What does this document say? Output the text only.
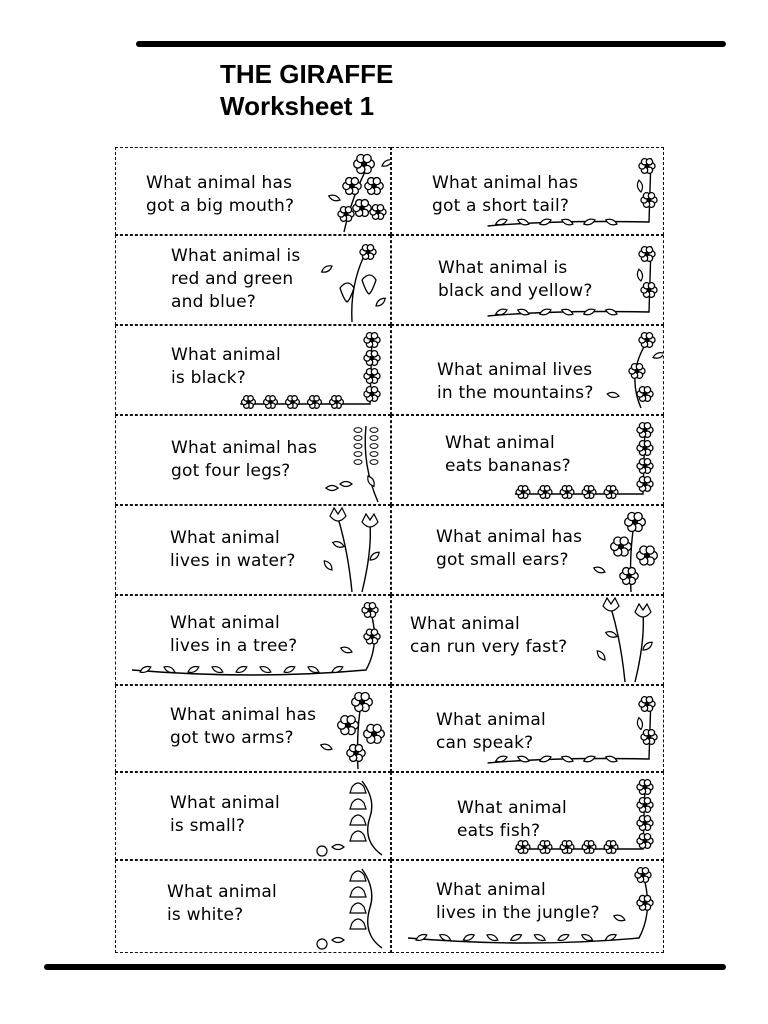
THE GIRAFFE
Worksheet 1
What animal has
got a big mouth?
What animal has
got a short tail?
What animal is
red and green
and blue?
What animal is
black and yellow?
What animal
is black?	What animal lives
in the mountains?
What animal has
got four legs?
What animal
eats bananas?
What animal
lives in water?
What animal has
got small ears?
What animal
lives in a tree?
What animal
can run very fast?
What animal has
got two arms?
What animal
can speak?
What animal
is small?
What animal
eats fish?
What animal
is white?
What animal
lives in the jungle?
